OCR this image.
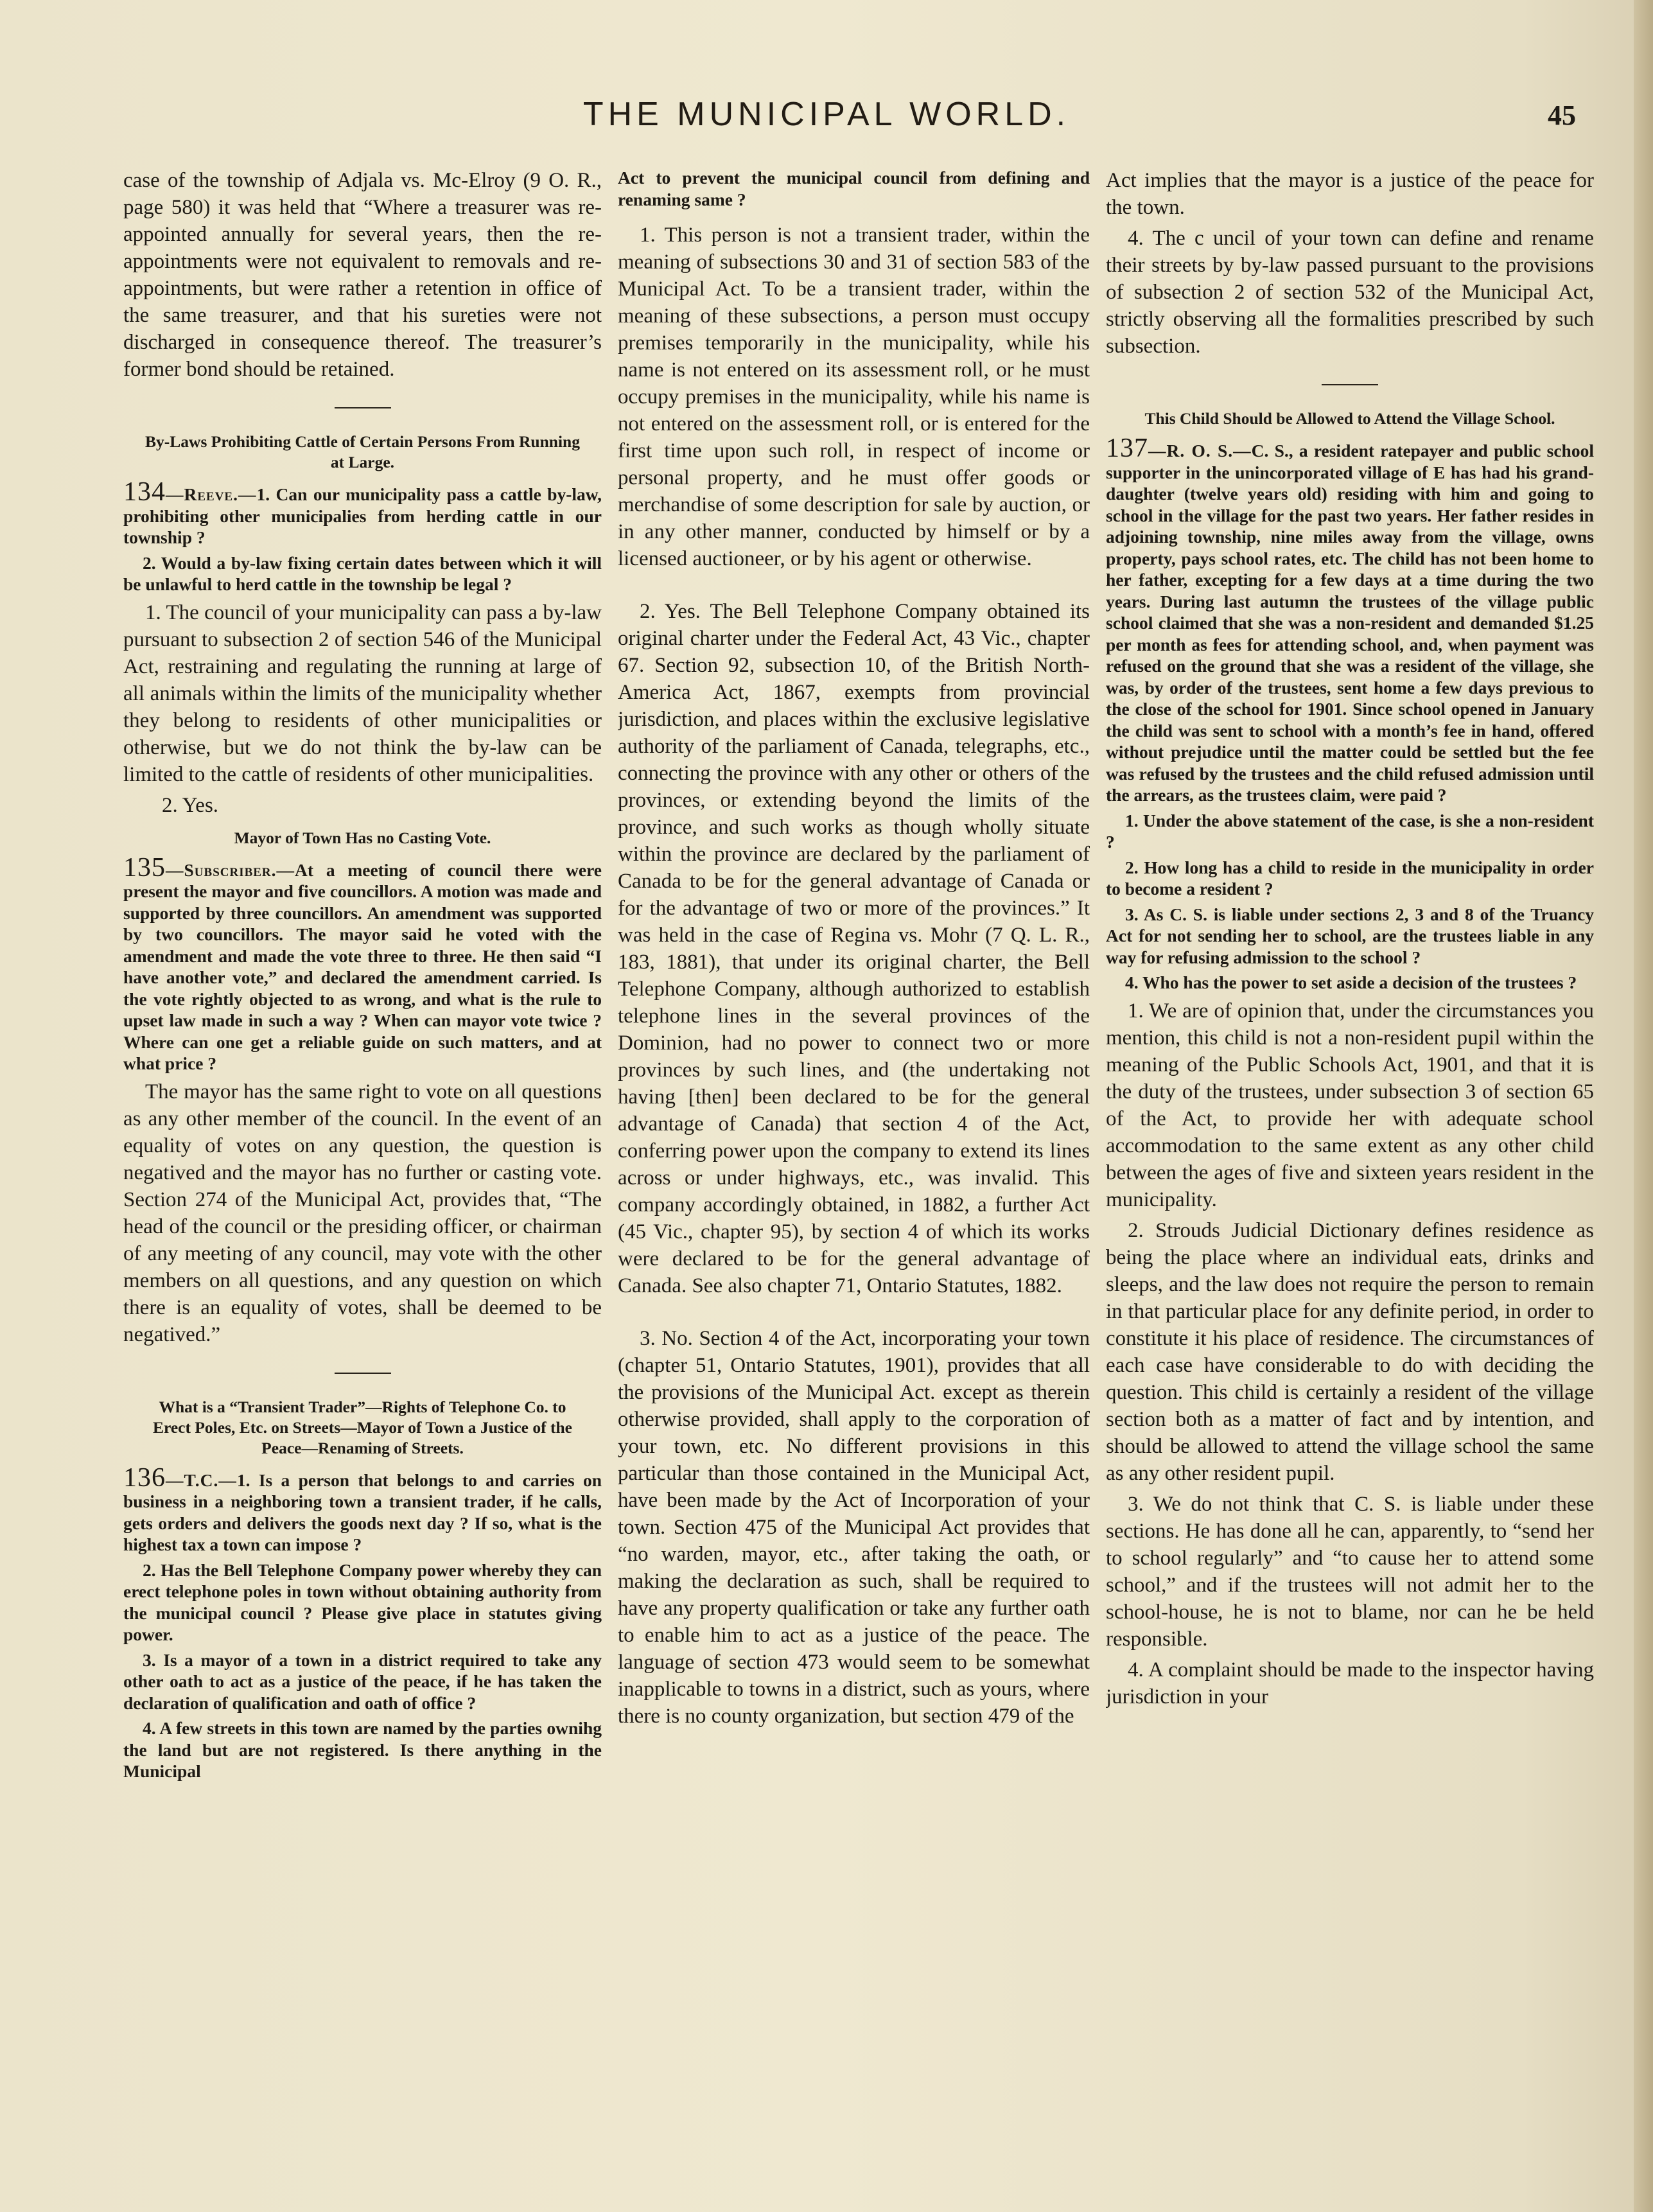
THE MUNICIPAL WORLD.	45

case of the township of Adjala vs. Mc-Elroy (9 O. R., page 580) it was held that “Where a treasurer was re-appointed annually for several years, then the re-appointments were not equivalent to removals and re-appointments, but were rather a retention in office of the same treasurer, and that his sureties were not discharged in consequence thereof. The treasurer’s former bond should be retained.

By-Laws Prohibiting Cattle of Certain Persons From Running at Large.

134—Reeve.—1. Can our municipality pass a cattle by-law, prohibiting other municipalies from herding cattle in our township ?

2. Would a by-law fixing certain dates between which it will be unlawful to herd cattle in the township be legal ?

1. The council of your municipality can pass a by-law pursuant to subsection 2 of section 546 of the Municipal Act, restraining and regulating the running at large of all animals within the limits of the municipality whether they belong to residents of other municipalities or otherwise, but we do not think the by-law can be limited to the cattle of residents of other municipalities.

2. Yes.

Mayor of Town Has no Casting Vote.

135—Subscriber.—At a meeting of council there were present the mayor and five councillors. A motion was made and supported by three councillors. An amendment was supported by two councillors. The mayor said he voted with the amendment and made the vote three to three. He then said “I have another vote,” and declared the amendment carried. Is the vote rightly objected to as wrong, and what is the rule to upset law made in such a way ? When can mayor vote twice ? Where can one get a reliable guide on such matters, and at what price ?

The mayor has the same right to vote on all questions as any other member of the council. In the event of an equality of votes on any question, the question is negatived and the mayor has no further or casting vote. Section 274 of the Municipal Act, provides that, “The head of the council or the presiding officer, or chairman of any meeting of any council, may vote with the other members on all questions, and any question on which there is an equality of votes, shall be deemed to be negatived.”

What is a “Transient Trader”—Rights of Telephone Co. to Erect Poles, Etc. on Streets—Mayor of Town a Justice of the Peace—Renaming of Streets.

136—T.C.—1. Is a person that belongs to and carries on business in a neighboring town a transient trader, if he calls, gets orders and delivers the goods next day ? If so, what is the highest tax a town can impose ?

2. Has the Bell Telephone Company power whereby they can erect telephone poles in town without obtaining authority from the municipal council ? Please give place in statutes giving power.

3. Is a mayor of a town in a district required to take any other oath to act as a justice of the peace, if he has taken the declaration of qualification and oath of office ?

4. A few streets in this town are named by the parties ownihg the land but are not registered. Is there anything in the Municipal

Act to prevent the municipal council from defining and renaming same ?

1. This person is not a transient trader, within the meaning of subsections 30 and 31 of section 583 of the Municipal Act. To be a transient trader, within the meaning of these subsections, a person must occupy premises temporarily in the municipality, while his name is not entered on its assessment roll, or he must occupy premises in the municipality, while his name is not entered on the assessment roll, or is entered for the first time upon such roll, in respect of income or personal property, and he must offer goods or merchandise of some description for sale by auction, or in any other manner, conducted by himself or by a licensed auctioneer, or by his agent or otherwise.

2. Yes. The Bell Telephone Company obtained its original charter under the Federal Act, 43 Vic., chapter 67. Section 92, subsection 10, of the British North-America Act, 1867, exempts from provincial jurisdiction, and places within the exclusive legislative authority of the parliament of Canada, telegraphs, etc., connecting the province with any other or others of the provinces, or extending beyond the limits of the province, and such works as though wholly situate within the province are declared by the parliament of Canada to be for the general advantage of Canada or for the advantage of two or more of the provinces.” It was held in the case of Regina vs. Mohr (7 Q. L. R., 183, 1881), that under its original charter, the Bell Telephone Company, although authorized to establish telephone lines in the several provinces of the Dominion, had no power to connect two or more provinces by such lines, and (the undertaking not having [then] been declared to be for the general advantage of Canada) that section 4 of the Act, conferring power upon the company to extend its lines across or under highways, etc., was invalid. This company accordingly obtained, in 1882, a further Act (45 Vic., chapter 95), by section 4 of which its works were declared to be for the general advantage of Canada. See also chapter 71, Ontario Statutes, 1882.

3. No. Section 4 of the Act, incorporating your town (chapter 51, Ontario Statutes, 1901), provides that all the provisions of the Municipal Act. except as therein otherwise provided, shall apply to the corporation of your town, etc. No different provisions in this particular than those contained in the Municipal Act, have been made by the Act of Incorporation of your town. Section 475 of the Municipal Act provides that “no warden, mayor, etc., after taking the oath, or making the declaration as such, shall be required to have any property qualification or take any further oath to enable him to act as a justice of the peace. The language of section 473 would seem to be somewhat inapplicable to towns in a district, such as yours, where there is no county organization, but section 479 of the

Act implies that the mayor is a justice of the peace for the town.

4. The c uncil of your town can define and rename their streets by by-law passed pursuant to the provisions of subsection 2 of section 532 of the Municipal Act, strictly observing all the formalities prescribed by such subsection.

This Child Should be Allowed to Attend the Village School.

137—R. O. S.—C. S., a resident ratepayer and public school supporter in the unincorporated village of E has had his grand-daughter (twelve years old) residing with him and going to school in the village for the past two years. Her father resides in adjoining township, nine miles away from the village, owns property, pays school rates, etc. The child has not been home to her father, excepting for a few days at a time during the two years. During last autumn the trustees of the village public school claimed that she was a non-resident and demanded $1.25 per month as fees for attending school, and, when payment was refused on the ground that she was a resident of the village, she was, by order of the trustees, sent home a few days previous to the close of the school for 1901. Since school opened in January the child was sent to school with a month’s fee in hand, offered without prejudice until the matter could be settled but the fee was refused by the trustees and the child refused admission until the arrears, as the trustees claim, were paid ?

1. Under the above statement of the case, is she a non-resident ?

2. How long has a child to reside in the municipality in order to become a resident ?

3. As C. S. is liable under sections 2, 3 and 8 of the Truancy Act for not sending her to school, are the trustees liable in any way for refusing admission to the school ?

4. Who has the power to set aside a decision of the trustees ?

1. We are of opinion that, under the circumstances you mention, this child is not a non-resident pupil within the meaning of the Public Schools Act, 1901, and that it is the duty of the trustees, under subsection 3 of section 65 of the Act, to provide her with adequate school accommodation to the same extent as any other child between the ages of five and sixteen years resident in the municipality.

2. Strouds Judicial Dictionary defines residence as being the place where an individual eats, drinks and sleeps, and the law does not require the person to remain in that particular place for any definite period, in order to constitute it his place of residence. The circumstances of each case have considerable to do with deciding the question. This child is certainly a resident of the village section both as a matter of fact and by intention, and should be allowed to attend the village school the same as any other resident pupil.

3. We do not think that C. S. is liable under these sections. He has done all he can, apparently, to “send her to school regularly” and “to cause her to attend some school,” and if the trustees will not admit her to the school-house, he is not to blame, nor can he be held responsible.

4. A complaint should be made to the inspector having jurisdiction in your
